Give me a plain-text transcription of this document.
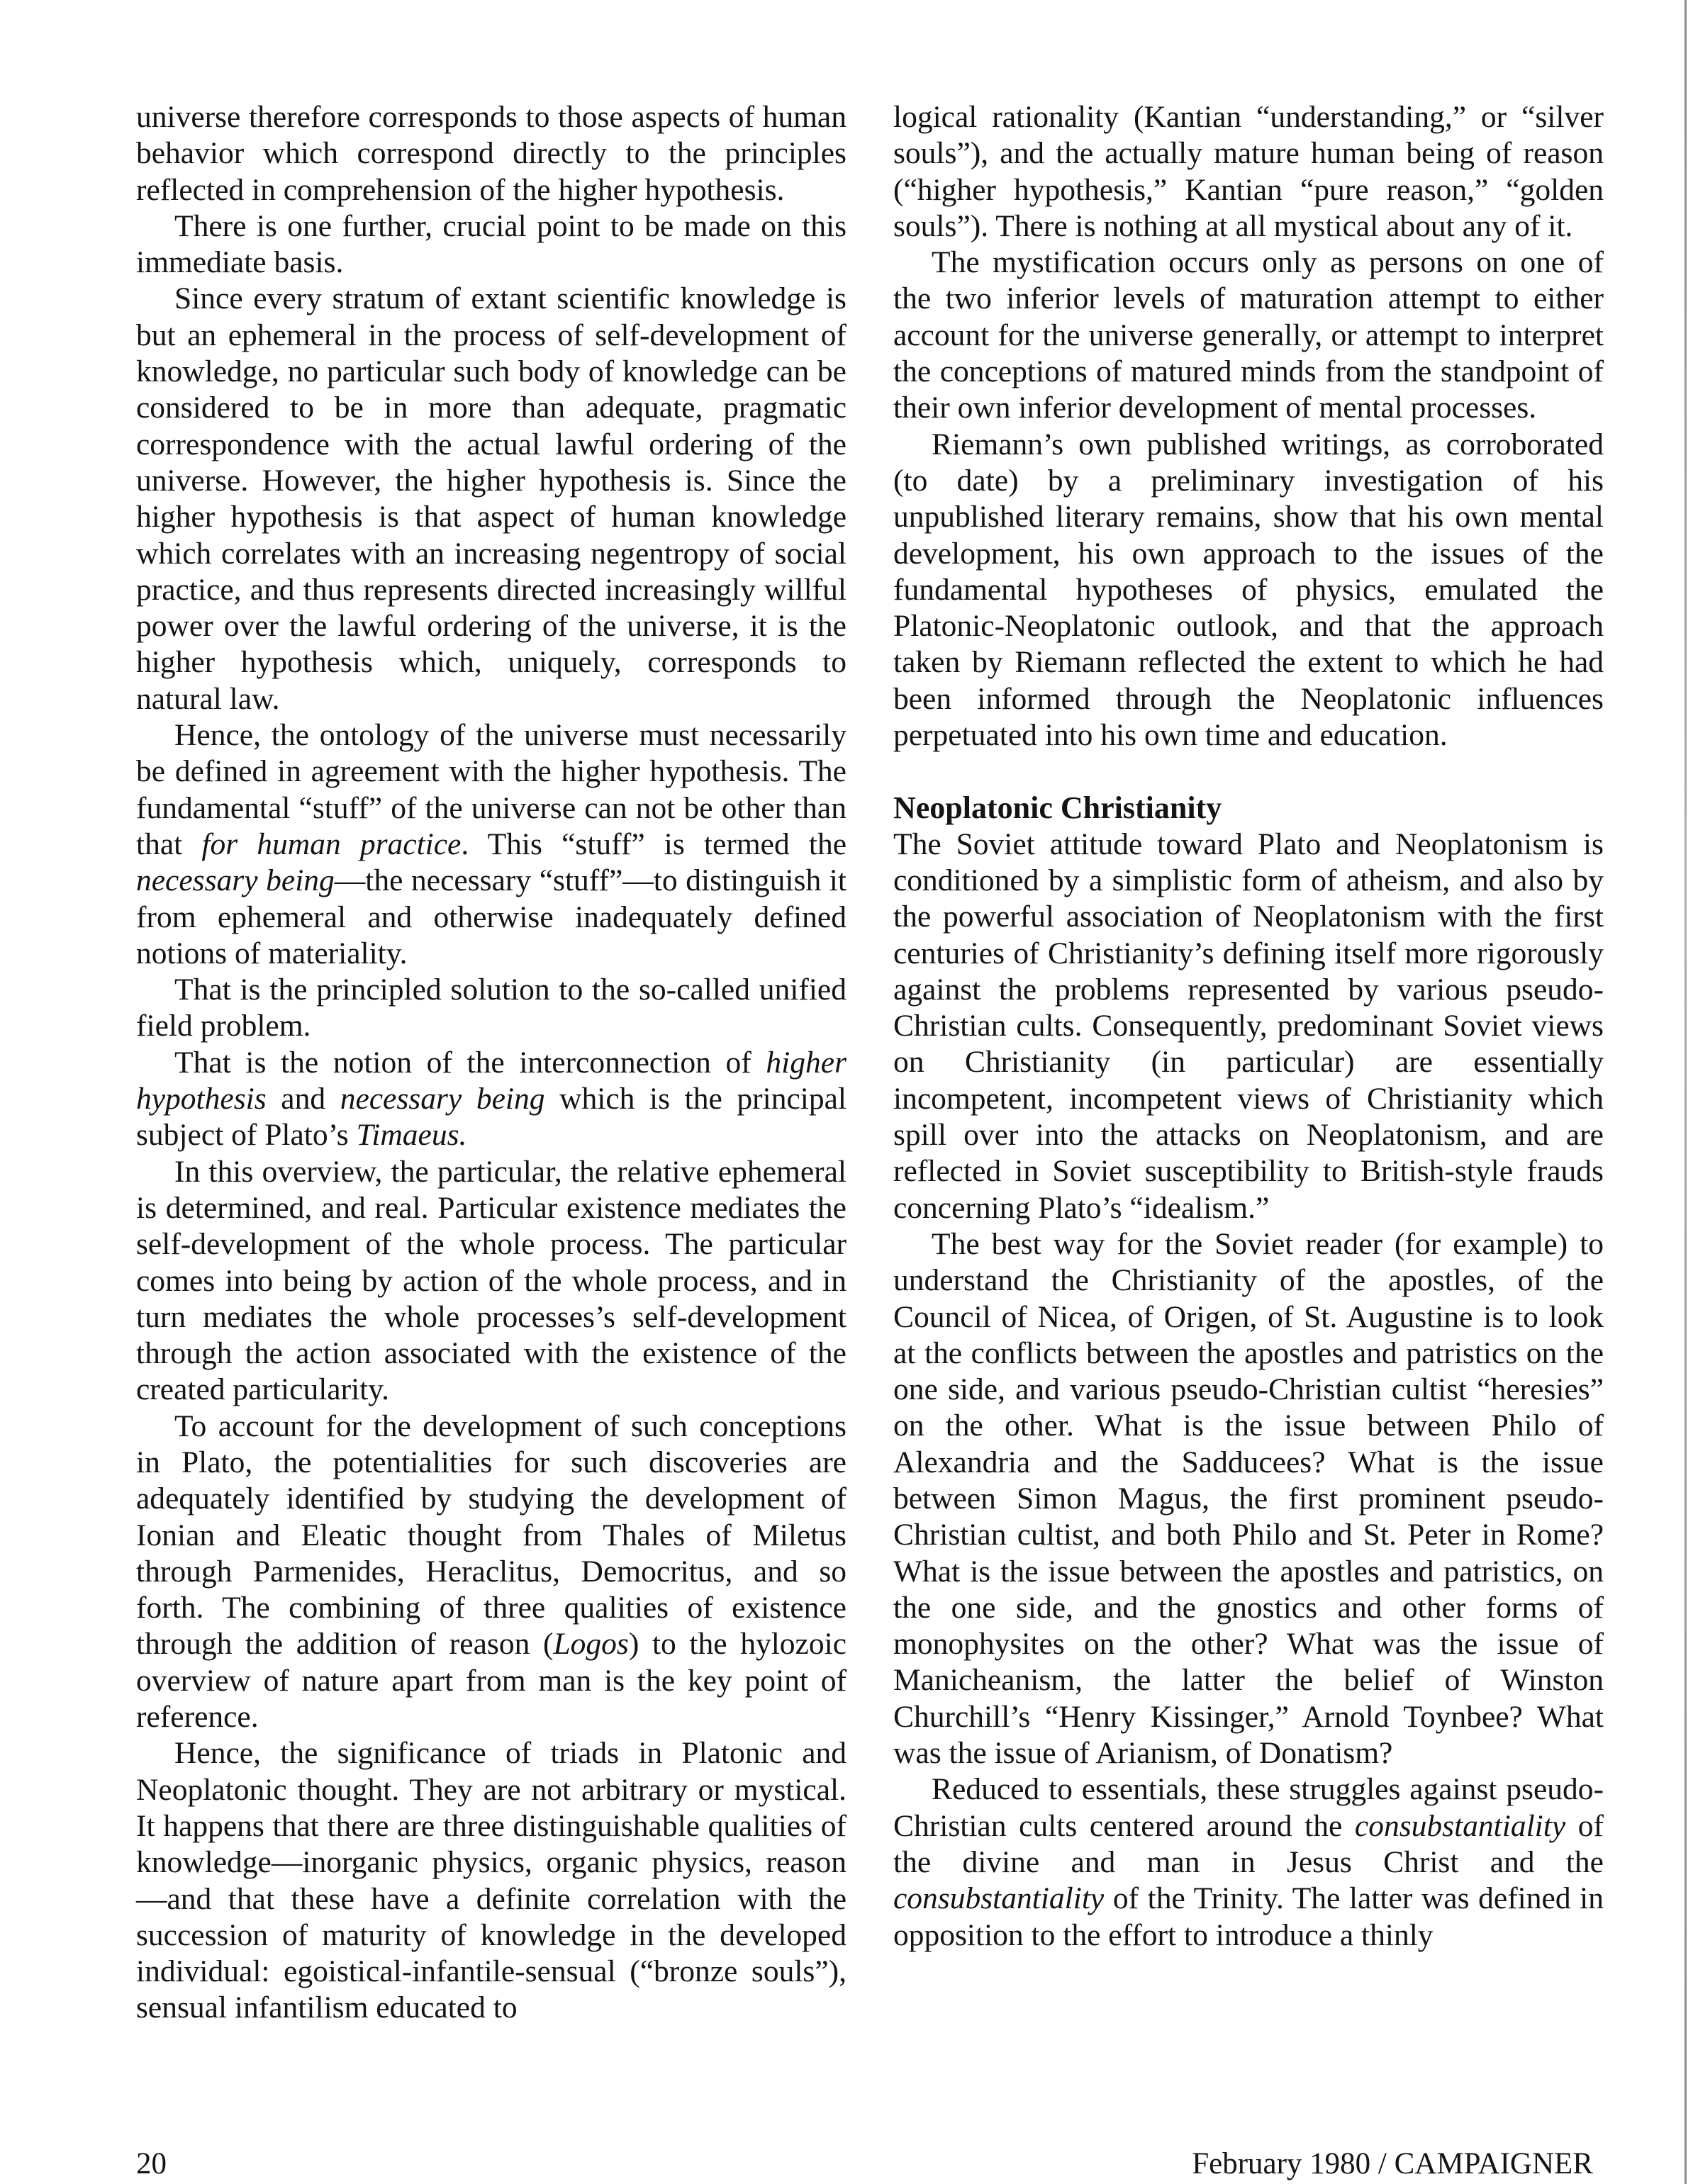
universe therefore corresponds to those aspects of human behavior which correspond directly to the principles reflected in comprehension of the higher hypothesis.

There is one further, crucial point to be made on this immediate basis.

Since every stratum of extant scientific knowledge is but an ephemeral in the process of self-development of knowledge, no particular such body of knowledge can be considered to be in more than adequate, pragmatic correspondence with the actual lawful ordering of the universe. However, the higher hypothesis is. Since the higher hypothesis is that aspect of human knowledge which correlates with an increasing negentropy of social practice, and thus represents directed increasingly willful power over the lawful ordering of the universe, it is the higher hypothesis which, uniquely, corresponds to natural law.

Hence, the ontology of the universe must necessarily be defined in agreement with the higher hypothesis. The fundamental “stuff” of the universe can not be other than that for human practice. This “stuff” is termed the necessary being—the necessary “stuff”—to distinguish it from ephemeral and otherwise inadequately defined notions of materiality.

That is the principled solution to the so-called unified field problem.

That is the notion of the interconnection of higher hypothesis and necessary being which is the principal subject of Plato’s Timaeus.

In this overview, the particular, the relative ephemeral is determined, and real. Particular existence mediates the self-development of the whole process. The particular comes into being by action of the whole process, and in turn mediates the whole processes’s self-development through the action associated with the existence of the created particularity.

To account for the development of such conceptions in Plato, the potentialities for such discoveries are adequately identified by studying the development of Ionian and Eleatic thought from Thales of Miletus through Parmenides, Heraclitus, Democritus, and so forth. The combining of three qualities of existence through the addition of reason (Logos) to the hylozoic overview of nature apart from man is the key point of reference.

Hence, the significance of triads in Platonic and Neoplatonic thought. They are not arbitrary or mystical. It happens that there are three distinguishable qualities of knowledge—inorganic physics, organic physics, reason—and that these have a definite correlation with the succession of maturity of knowledge in the developed individual: egoistical-infantile-sensual (“bronze souls”), sensual infantilism educated to

logical rationality (Kantian “understanding,” or “silver souls”), and the actually mature human being of reason (“higher hypothesis,” Kantian “pure reason,” “golden souls”). There is nothing at all mystical about any of it.

The mystification occurs only as persons on one of the two inferior levels of maturation attempt to either account for the universe generally, or attempt to interpret the conceptions of matured minds from the standpoint of their own inferior development of mental processes.

Riemann’s own published writings, as corroborated (to date) by a preliminary investigation of his unpublished literary remains, show that his own mental development, his own approach to the issues of the fundamental hypotheses of physics, emulated the Platonic-Neoplatonic outlook, and that the approach taken by Riemann reflected the extent to which he had been informed through the Neoplatonic influences perpetuated into his own time and education.

Neoplatonic Christianity

The Soviet attitude toward Plato and Neoplatonism is conditioned by a simplistic form of atheism, and also by the powerful association of Neoplatonism with the first centuries of Christianity’s defining itself more rigorously against the problems represented by various pseudo-Christian cults. Consequently, predominant Soviet views on Christianity (in particular) are essentially incompetent, incompetent views of Christianity which spill over into the attacks on Neoplatonism, and are reflected in Soviet susceptibility to British-style frauds concerning Plato’s “idealism.”

The best way for the Soviet reader (for example) to understand the Christianity of the apostles, of the Council of Nicea, of Origen, of St. Augustine is to look at the conflicts between the apostles and patristics on the one side, and various pseudo-Christian cultist “heresies” on the other. What is the issue between Philo of Alexandria and the Sadducees? What is the issue between Simon Magus, the first prominent pseudo-Christian cultist, and both Philo and St. Peter in Rome? What is the issue between the apostles and patristics, on the one side, and the gnostics and other forms of monophysites on the other? What was the issue of Manicheanism, the latter the belief of Winston Churchill’s “Henry Kissinger,” Arnold Toynbee? What was the issue of Arianism, of Donatism?

Reduced to essentials, these struggles against pseudo-Christian cults centered around the consubstantiality of the divine and man in Jesus Christ and the consubstantiality of the Trinity. The latter was defined in opposition to the effort to introduce a thinly

20	February 1980 / CAMPAIGNER
